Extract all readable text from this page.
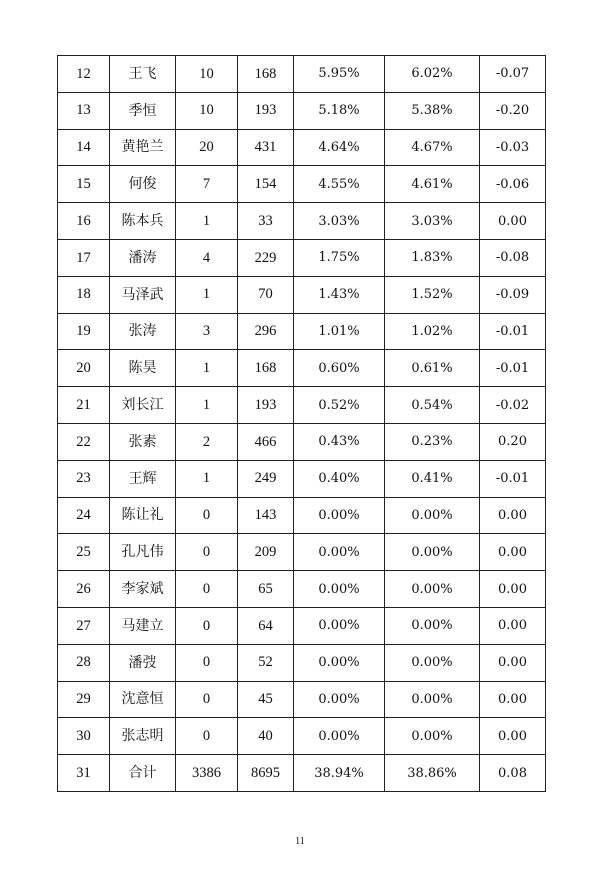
12	王飞	10	168	5.95%	6.02%	-0.07
13	季恒	10	193	5.18%	5.38%	-0.20
14	黄艳兰	20	431	4.64%	4.67%	-0.03
15	何俊	7	154	4.55%	4.61%	-0.06
16	陈本兵	1	33	3.03%	3.03%	0.00
17	潘涛	4	229	1.75%	1.83%	-0.08
18	马泽武	1	70	1.43%	1.52%	-0.09
19	张涛	3	296	1.01%	1.02%	-0.01
20	陈昊	1	168	0.60%	0.61%	-0.01
21	刘长江	1	193	0.52%	0.54%	-0.02
22	张素	2	466	0.43%	0.23%	0.20
23	王辉	1	249	0.40%	0.41%	-0.01
24	陈让礼	0	143	0.00%	0.00%	0.00
25	孔凡伟	0	209	0.00%	0.00%	0.00
26	李家斌	0	65	0.00%	0.00%	0.00
27	马建立	0	64	0.00%	0.00%	0.00
28	潘弢	0	52	0.00%	0.00%	0.00
29	沈意恒	0	45	0.00%	0.00%	0.00
30	张志明	0	40	0.00%	0.00%	0.00
31	合计	3386	8695	38.94%	38.86%	0.08
11
